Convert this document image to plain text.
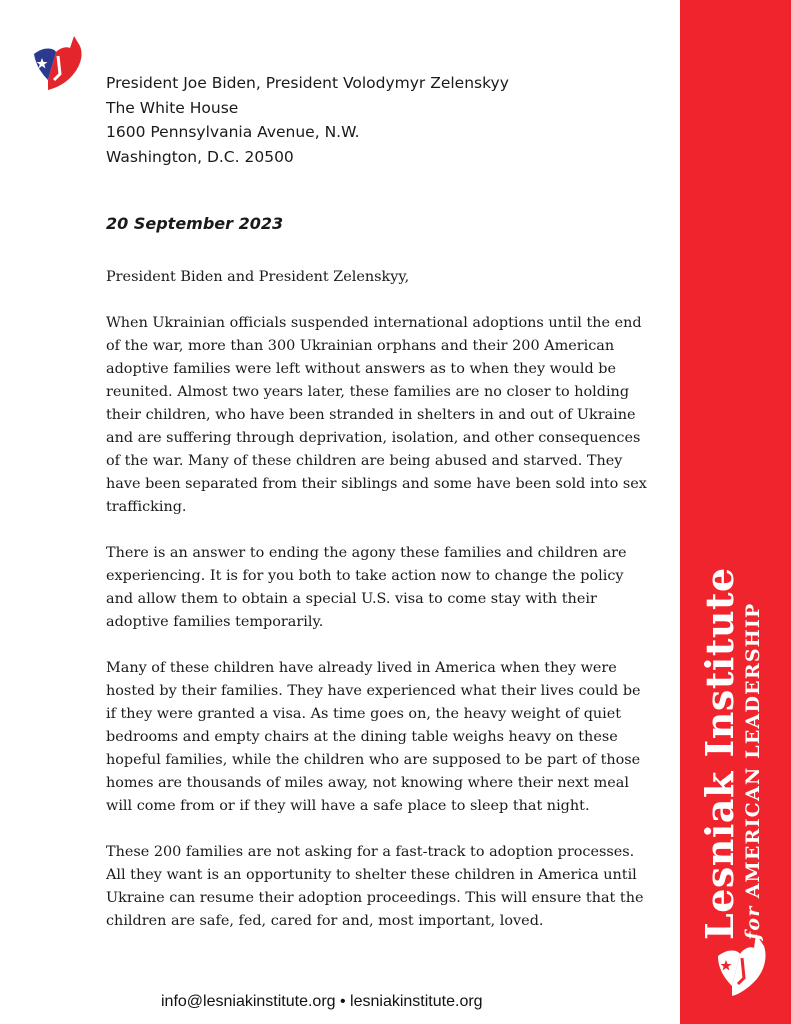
President Joe Biden, President Volodymyr Zelenskyy
The White House
1600 Pennsylvania Avenue, N.W.
Washington, D.C. 20500
20 September 2023

President Biden and President Zelenskyy,

When Ukrainian officials suspended international adoptions until the end of the war, more than 300 Ukrainian orphans and their 200 American adoptive families were left without answers as to when they would be reunited. Almost two years later, these families are no closer to holding their children, who have been stranded in shelters in and out of Ukraine and are suffering through deprivation, isolation, and other consequences of the war. Many of these children are being abused and starved. They have been separated from their siblings and some have been sold into sex trafficking.

There is an answer to ending the agony these families and children are experiencing. It is for you both to take action now to change the policy and allow them to obtain a special U.S. visa to come stay with their adoptive families temporarily.

Many of these children have already lived in America when they were hosted by their families. They have experienced what their lives could be if they were granted a visa. As time goes on, the heavy weight of quiet bedrooms and empty chairs at the dining table weighs heavy on these hopeful families, while the children who are supposed to be part of those homes are thousands of miles away, not knowing where their next meal will come from or if they will have a safe place to sleep that night.

These 200 families are not asking for a fast-track to adoption processes. All they want is an opportunity to shelter these children in America until Ukraine can resume their adoption proceedings. This will ensure that the children are safe, fed, cared for and, most important, loved.

info@lesniakinstitute.org • lesniakinstitute.org
Lesniak Institute for AMERICAN LEADERSHIP
